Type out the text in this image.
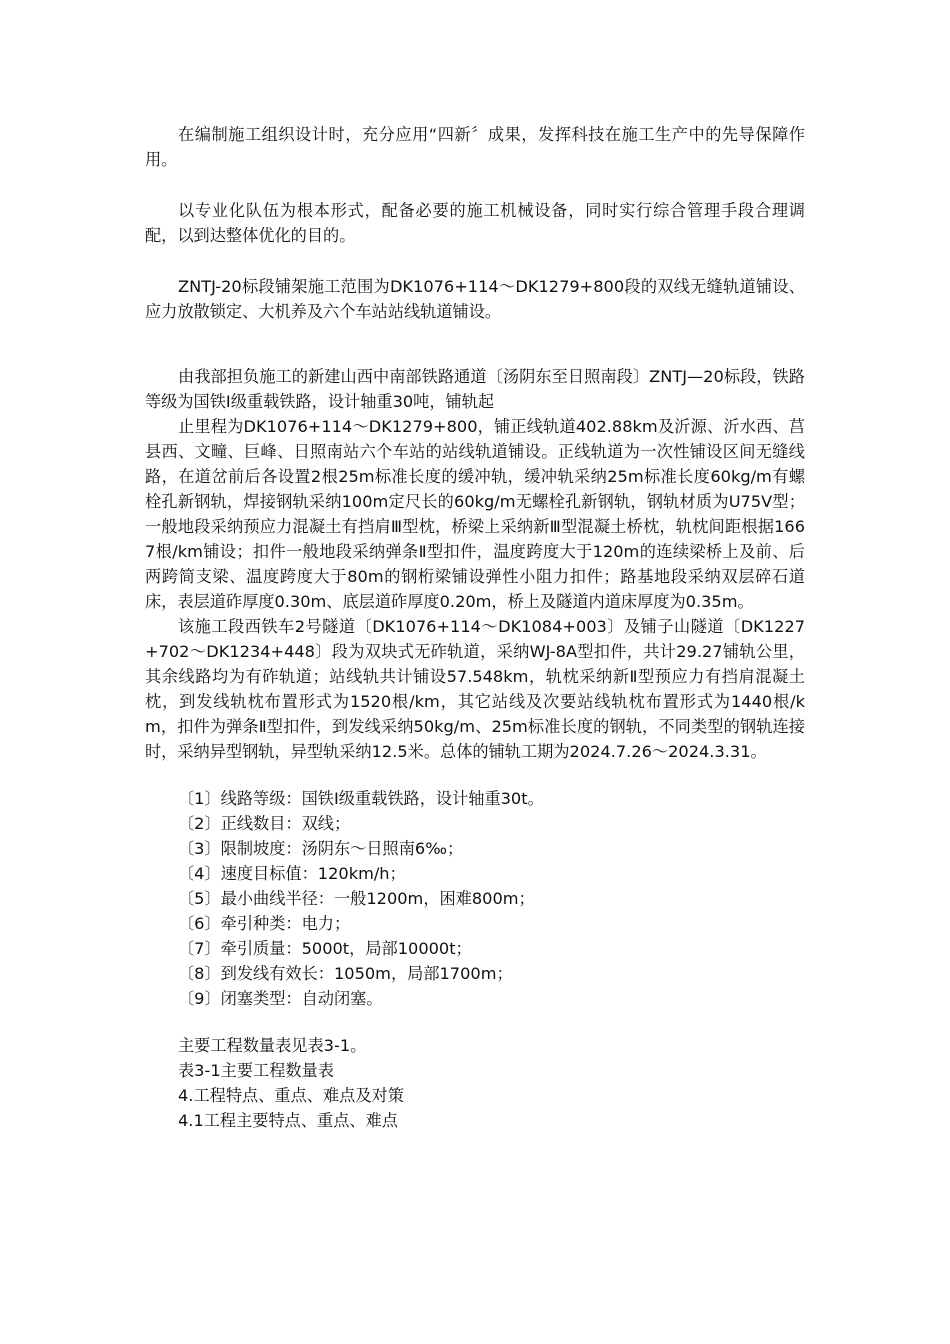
在编制施工组织设计时，充分应用“四新〞成果，发挥科技在施工生产中的先导保障作用。

以专业化队伍为根本形式，配备必要的施工机械设备，同时实行综合管理手段合理调配，以到达整体优化的目的。

ZNTJ-20标段铺架施工范围为DK1076+114～DK1279+800段的双线无缝轨道铺设、应力放散锁定、大机养及六个车站站线轨道铺设。

由我部担负施工的新建山西中南部铁路通道〔汤阴东至日照南段〕ZNTJ—20标段，铁路等级为国铁Ⅰ级重载铁路，设计轴重30吨，铺轨起

止里程为DK1076+114～DK1279+800，铺正线轨道402.88km及沂源、沂水西、莒县西、文疃、巨峰、日照南站六个车站的站线轨道铺设。正线轨道为一次性铺设区间无缝线路，在道岔前后各设置2根25m标准长度的缓冲轨，缓冲轨采纳25m标准长度60kg/m有螺栓孔新钢轨，焊接钢轨采纳100m定尺长的60kg/m无螺栓孔新钢轨，钢轨材质为U75V型；一般地段采纳预应力混凝土有挡肩Ⅲ型枕，桥梁上采纳新Ⅲ型混凝土桥枕，轨枕间距根据1667根/km铺设；扣件一般地段采纳弹条Ⅱ型扣件，温度跨度大于120m的连续梁桥上及前、后两跨简支梁、温度跨度大于80m的钢桁梁铺设弹性小阻力扣件；路基地段采纳双层碎石道床，表层道砟厚度0.30m、底层道砟厚度0.20m，桥上及隧道内道床厚度为0.35m。

该施工段西铁车2号隧道〔DK1076+114～DK1084+003〕及铺子山隧道〔DK1227+702～DK1234+448〕段为双块式无砟轨道，采纳WJ-8A型扣件，共计29.27铺轨公里，其余线路均为有砟轨道；站线轨共计铺设57.548km，轨枕采纳新Ⅱ型预应力有挡肩混凝土枕，到发线轨枕布置形式为1520根/km，其它站线及次要站线轨枕布置形式为1440根/km，扣件为弹条Ⅱ型扣件，到发线采纳50kg/m、25m标准长度的钢轨，不同类型的钢轨连接时，采纳异型钢轨，异型轨采纳12.5米。总体的铺轨工期为2024.7.26～2024.3.31。

〔1〕线路等级：国铁I级重载铁路，设计轴重30t。

〔2〕正线数目：双线；

〔3〕限制坡度：汤阴东～日照南6‰；

〔4〕速度目标值：120km/h；

〔5〕最小曲线半径：一般1200m，困难800m；

〔6〕牵引种类：电力；

〔7〕牵引质量：5000t，局部10000t；

〔8〕到发线有效长：1050m，局部1700m；

〔9〕闭塞类型：自动闭塞。

主要工程数量表见表3-1。

表3-1主要工程数量表

4.工程特点、重点、难点及对策

4.1工程主要特点、重点、难点
